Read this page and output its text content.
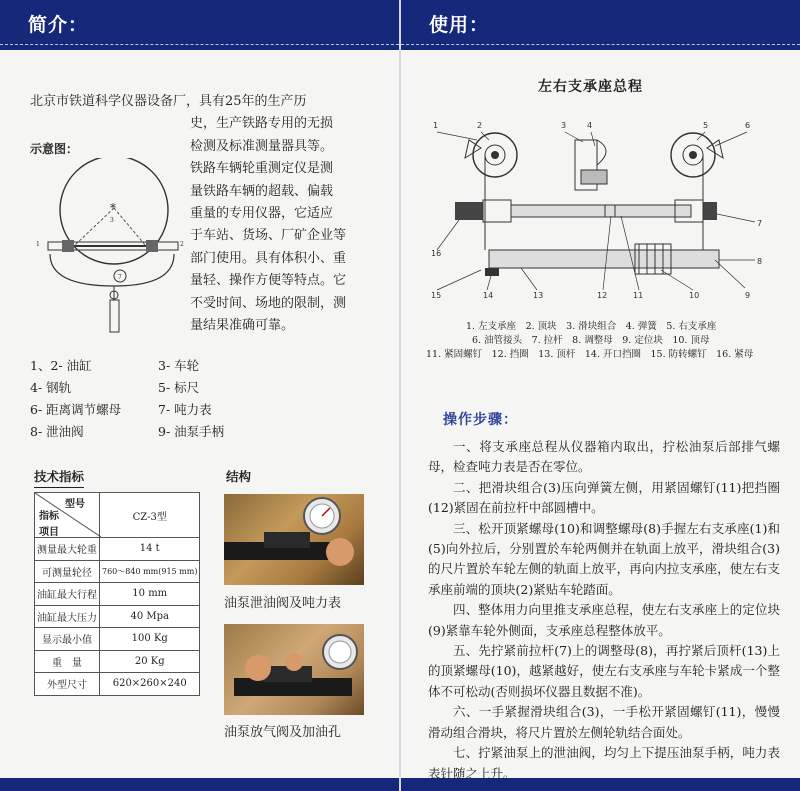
简介：
北京市铁道科学仪器设备厂，具有25年的生产历
史，生产铁路专用的无损
检测及标准测量器具等。
铁路车辆轮重测定仪是测
量铁路车辆的超载、偏载
重量的专用仪器，它适应
于车站、货场、厂矿企业等
部门使用。具有体积小、重
量轻、操作方便等特点。它
不受时间、场地的限制，测
量结果准确可靠。
示意图：
*
3
7
1	2
1、2- 油缸	3- 车轮
4- 钢轨	5- 标尺
6- 距离调节螺母	7- 吨力表
8- 泄油阀	9- 油泵手柄
技术指标
型号
指标
项目	CZ-3型
测量最大轮重	14 t
可测量轮径	760～840 mm(915 mm)
油缸最大行程	10 mm
油缸最大压力	40 Mpa
显示最小值	100 Kg
重　量	20 Kg
外型尺寸	620×260×240
结构
油泵泄油阀及吨力表
油泵放气阀及加油孔
使用：
左右支承座总程
1	2	3	4	5	6
7
8
9
10
11
12
13
14
15
16
1. 左支承座　2. 顶块　3. 滑块组合　4. 弹簧　5. 右支承座
6. 油管接头　7. 拉杆　8. 调整母　9. 定位块　10. 顶母
11. 紧固螺钉　12. 挡圈　13. 顶杆　14. 开口挡圈　15. 防转螺钉　16. 紧母
操作步骤：

一、将支承座总程从仪器箱内取出，拧松油泵后部排气螺母，检查吨力表是否在零位。

二、把滑块组合(3)压向弹簧左侧，用紧固螺钉(11)把挡圈(12)紧固在前拉杆中部圆槽中。

三、松开顶紧螺母(10)和调整螺母(8)手握左右支承座(1)和(5)向外拉后，分别置於车轮两侧并在轨面上放平，滑块组合(3)的尺片置於车轮左侧的轨面上放平，再向内拉支承座，使左右支承座前端的顶块(2)紧贴车轮踏面。

四、整体用力向里推支承座总程，使左右支承座上的定位块(9)紧靠车轮外侧面，支承座总程整体放平。

五、先拧紧前拉杆(7)上的调整母(8)，再拧紧后顶杆(13)上的顶紧螺母(10)，越紧越好，使左右支承座与车轮卡紧成一个整体不可松动(否则损坏仪器且数据不准)。

六、一手紧握滑块组合(3)，一手松开紧固螺钉(11)，慢慢滑动组合滑块，将尺片置於左侧轮轨结合面处。

七、拧紧油泵上的泄油阀，均匀上下提压油泵手柄，吨力表表针随之上升。
